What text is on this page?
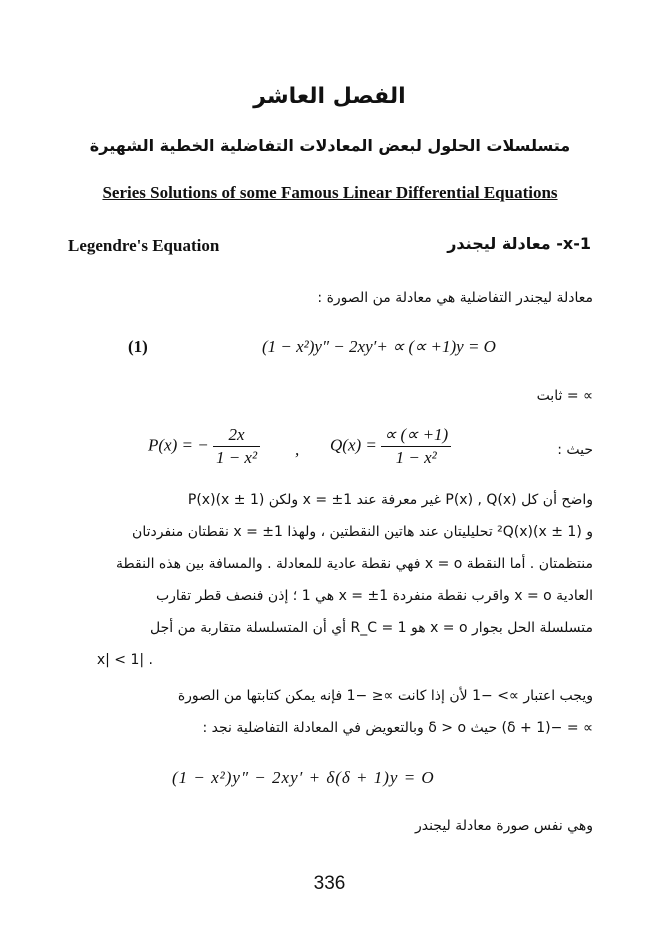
الفصل العاشر
متسلسلات الحلول لبعض المعادلات التفاضلية الخطية الشهيرة
Series Solutions of some Famous Linear Differential Equations
Legendre's Equation	x-1- معادلة ليجندر
معادلة ليجندر التفاضلية هي معادلة من الصورة :
(1)	(1 − x²)y″ − 2xy′+ ∝ (∝ +1)y = O
∝ = ثابت
P(x) = − $\frac{2x}{\text{1 − x²}}$ , $Q(x) = \frac{\propto (\propto +1)}{\text{1 − x²}}$	حيث :
واضح أن كل P(x) , Q(x) غير معرفة عند x = ±1 ولكن (x ± 1)P(x)
و (x ± 1)²Q(x) تحليليتان عند هاتين النقطتين ، ولهذا x = ±1 نقطتان منفردتان
منتظمتان . أما النقطة x = o فهي نقطة عادية للمعادلة . والمسافة بين هذه النقطة
العادية x = o واقرب نقطة منفردة x = ±1 هي 1 ؛ إذن فنصف قطر تقارب
متسلسلة الحل بجوار x = o هو R_C = 1 أي أن المتسلسلة متقاربة من أجل
. |x| < 1
ويجب اعتبار ∝> −1 لأن إذا كانت ∝≤ −1 فإنه يمكن كتابتها من الصورة
∝ = −(1 + δ) حيث δ > o وبالتعويض في المعادلة التفاضلية نجد :
(1 − x²)y″ − 2xy′ + δ(δ + 1)y = O
وهي نفس صورة معادلة ليجندر
336
